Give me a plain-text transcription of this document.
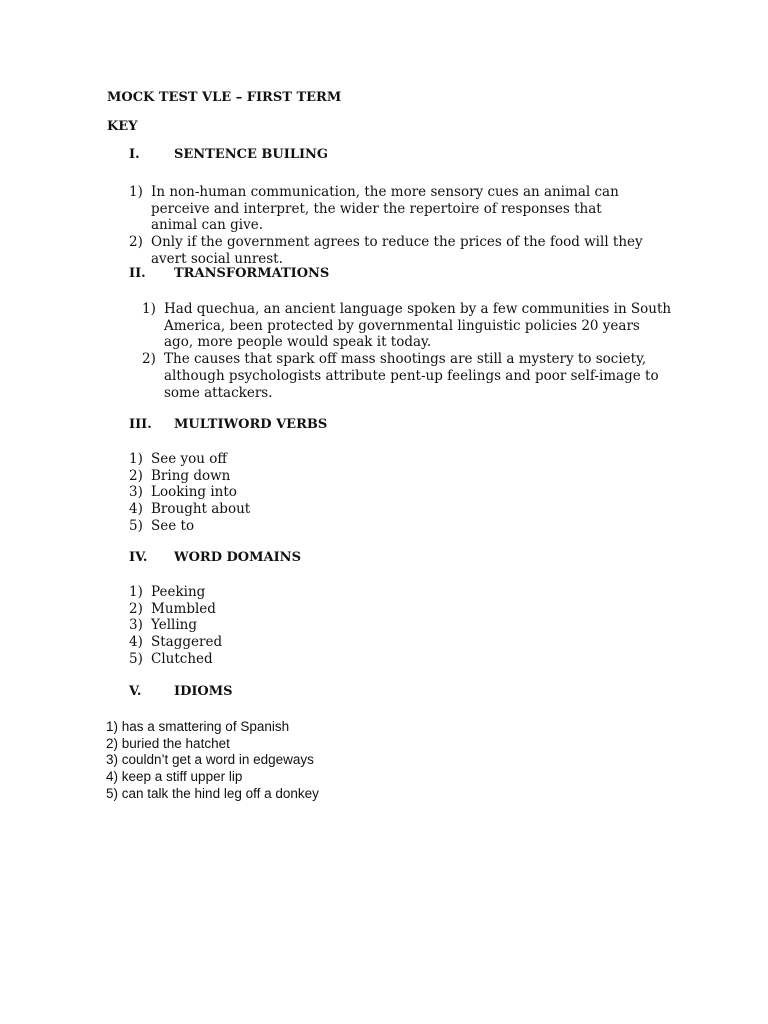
MOCK TEST VLE – FIRST TERM
KEY
I.	SENTENCE BUILING
1) In non-human communication, the more sensory cues an animal can perceive and interpret, the wider the repertoire of responses that animal can give.
2) Only if the government agrees to reduce the prices of the food will they avert social unrest.
II. TRANSFORMATIONS
1) Had quechua, an ancient language spoken by a few communities in South America, been protected by governmental linguistic policies 20 years ago, more people would speak it today.
2) The causes that spark off mass shootings are still a mystery to society, although psychologists attribute pent-up feelings and poor self-image to some attackers.
III. MULTIWORD VERBS
1) See you off
2) Bring down
3) Looking into
4) Brought about
5) See to
IV. WORD DOMAINS
1) Peeking
2) Mumbled
3) Yelling
4) Staggered
5) Clutched
V.	IDIOMS
1) has a smattering of Spanish
2) buried the hatchet
3) couldn’t get a word in edgeways
4) keep a stiff upper lip
5) can talk the hind leg off a donkey
